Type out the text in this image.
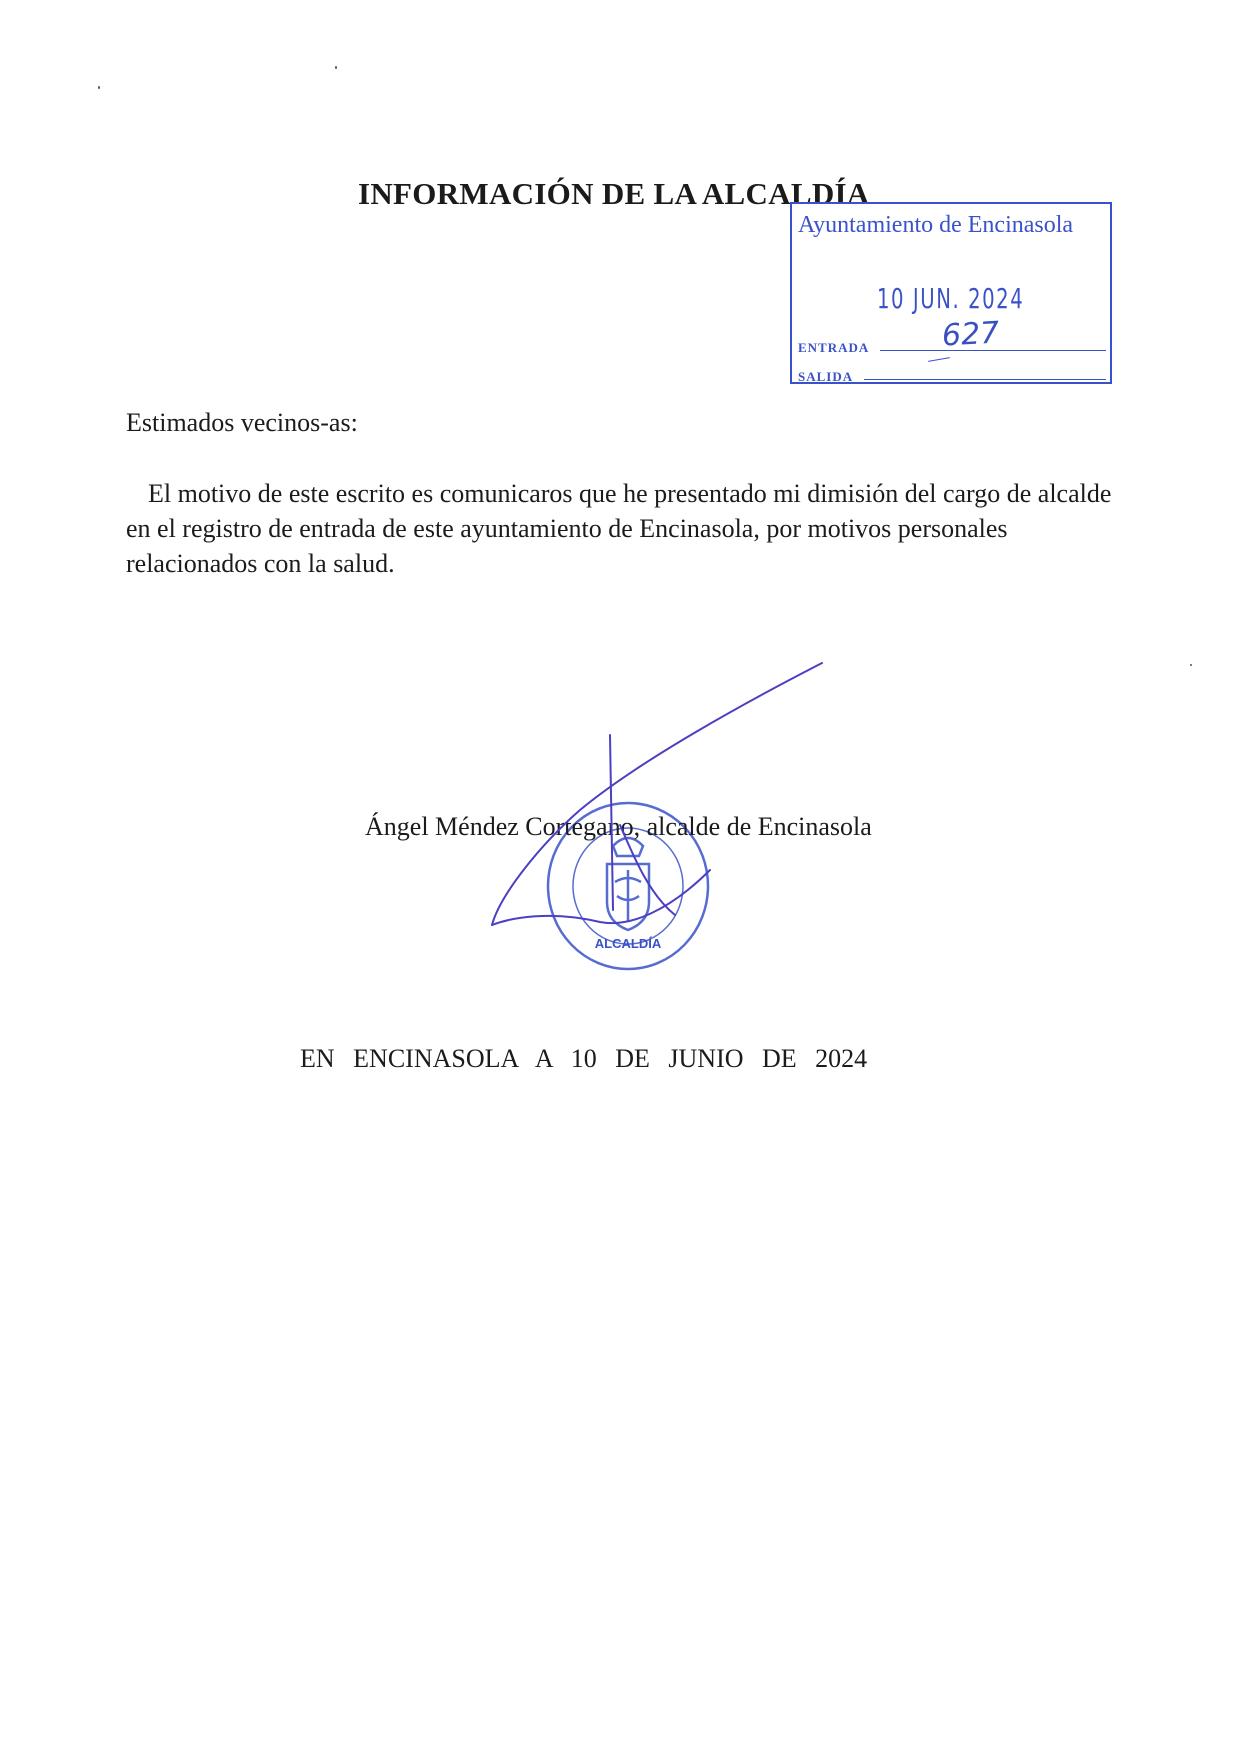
INFORMACIÓN DE LA ALCALDÍA
Ayuntamiento de Encinasola
10 JUN. 2024
ENTRADA 627
SALIDA

Estimados vecinos-as:

El motivo de este escrito es comunicaros que he presentado mi dimisión del cargo de alcalde en el registro de entrada de este ayuntamiento de Encinasola, por motivos personales relacionados con la salud.

ALCALDÍA
Ángel Méndez Cortegano, alcalde de Encinasola
EN ENCINASOLA A 10 DE JUNIO DE 2024
